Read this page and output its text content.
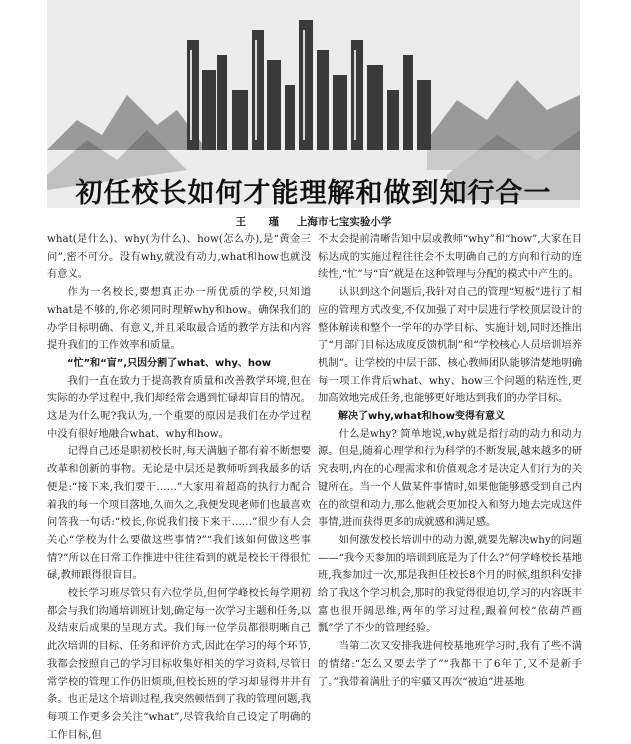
初任校长如何才能理解和做到知行合一
王　瑾 上海市七宝实验小学

what(是什么)、why(为什么)、how(怎么办),是“黄金三问”,密不可分。没有why,就没有动力,what和how也就没有意义。

作为一名校长,要想真正办一所优质的学校,只知道what是不够的,你必须同时理解why和how。确保我们的办学目标明确、有意义,并且采取最合适的教学方法和内容提升我们的工作效率和质量。

“忙”和“盲”,只因分割了what、why、how

我们一直在致力于提高教育质量和改善教学环境,但在实际的办学过程中,我们却经常会遇到忙碌却盲目的情况。这是为什么呢?我认为,一个重要的原因是我们在办学过程中没有很好地融合what、why和how。

记得自己还是职初校长时,每天满脑子都有着不断想要改革和创新的事物。无论是中层还是教师听到我最多的话便是:“接下来,我们要干……”大家用着超高的执行力配合着我的每一个项目落地,久而久之,我便发现老师们也最喜欢问答我一句话:“校长,你说我们接下来干……”很少有人会关心“学校为什么要做这些事情?”“我们该如何做这些事情?”所以在日常工作推进中往往看到的就是校长干得很忙碌,教师跟得很盲目。

校长学习班尽管只有六位学员,但何学峰校长每学期初都会与我们沟通培训班计划,确定每一次学习主题和任务,以及结束后成果的呈现方式。我们每一位学员都很明晰自己此次培训的目标、任务和评价方式,因此在学习的每个环节,我都会按照自己的学习目标收集好相关的学习资料,尽管日常学校的管理工作仍旧烦琐,但校长班的学习却显得井井有条。也正是这个培训过程,我突然顿悟到了我的管理问题,我每项工作更多会关注“what”,尽管我给自己设定了明确的工作目标,但

不太会提前清晰告知中层或教师“why”和“how”,大家在目标达成的实施过程往往会不太明确自己的方向和行动的连续性,“忙”与“盲”就是在这种管理与分配的模式中产生的。

认识到这个问题后,我针对自己的管理“短板”进行了相应的管理方式改变,不仅加强了对中层进行学校顶层设计的整体解读和整个一学年的办学目标、实施计划,同时还推出了“月部门目标达成度反馈机制”和“学校核心人员培训培养机制”。让学校的中层干部、核心教师团队能够清楚地明确每一项工作背后what、why、how三个问题的粘连性,更加高效地完成任务,也能够更好地达到我们的办学目标。

解决了why,what和how变得有意义

什么是why? 简单地说,why就是指行动的动力和动力源。但是,随着心理学和行为科学的不断发展,越来越多的研究表明,内在的心理需求和价值观念才是决定人们行为的关键所在。当一个人做某件事情时,如果他能够感受到自己内在的欲望和动力,那么他就会更加投入和努力地去完成这件事情,进而获得更多的成就感和满足感。

如何激发校长培训中的动力源,就要先解决why的问题——“我今天参加的培训到底是为了什么?”何学峰校长基地班,我参加过一次,那是我担任校长8个月的时候,组织科安排给了我这个学习机会,那时的我觉得很迫切,学习的内容既丰富也很开阔思维,两年的学习过程,跟着何校“依葫芦画瓢”学了不少的管理经验。

当第二次又安排我进何校基地班学习时,我有了些不满的情绪:“怎么又要去学了”“我都干了6年了,又不是新手了。”我带着满肚子的牢骚又再次“被迫”进基地
